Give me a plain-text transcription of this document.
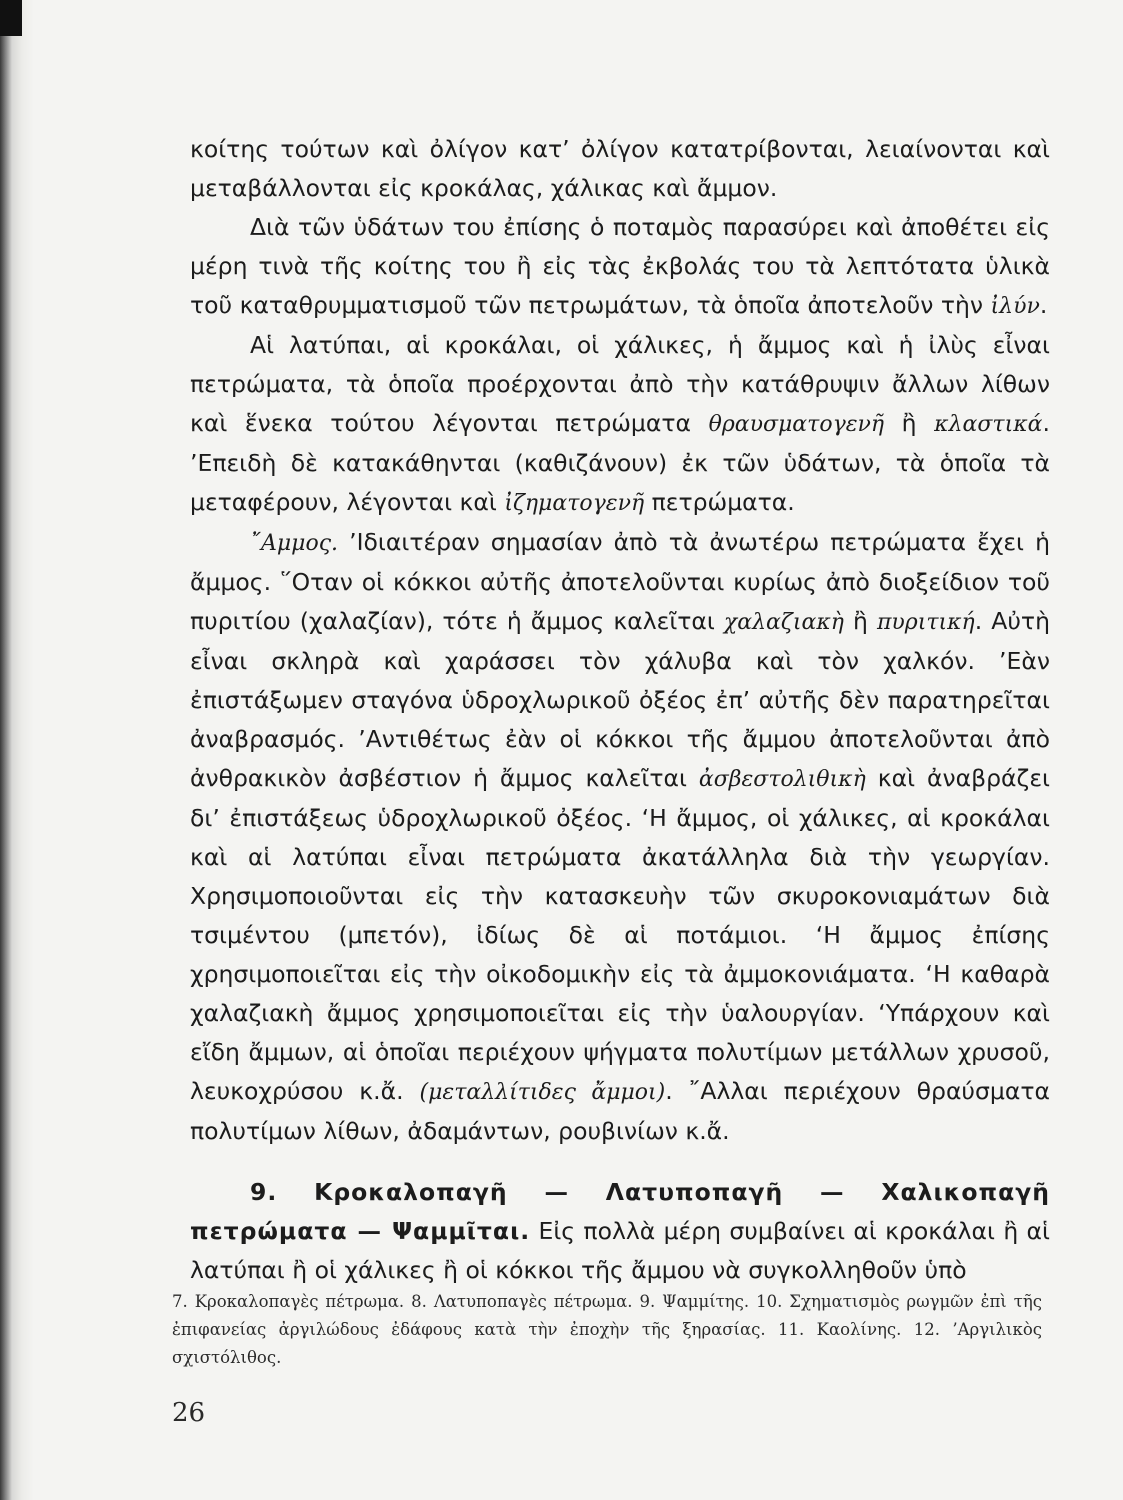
κοίτης τούτων καὶ ὀλίγον κατ’ ὀλίγον κατατρίβονται, λειαίνονται καὶ μεταβάλλονται εἰς κροκάλας, χάλικας καὶ ἄμμον.

Διὰ τῶν ὑδάτων του ἐπίσης ὁ ποταμὸς παρασύρει καὶ ἀποθέτει εἰς μέρη τινὰ τῆς κοίτης του ἢ εἰς τὰς ἐκβολάς του τὰ λεπτότατα ὑλικὰ τοῦ καταθρυμματισμοῦ τῶν πετρωμάτων, τὰ ὁποῖα ἀποτελοῦν τὴν ἰλύν.

Αἱ λατύπαι, αἱ κροκάλαι, οἱ χάλικες, ἡ ἄμμος καὶ ἡ ἰλὺς εἶναι πετρώματα, τὰ ὁποῖα προέρχονται ἀπὸ τὴν κατάθρυψιν ἄλλων λίθων καὶ ἕνεκα τούτου λέγονται πετρώματα θραυσματογενῆ ἢ κλαστικά. ’Επειδὴ δὲ κατακάθηνται (καθιζάνουν) ἐκ τῶν ὑδάτων, τὰ ὁποῖα τὰ μεταφέρουν, λέγονται καὶ ἰζηματογενῆ πετρώματα.

῎Αμμος. ’Ιδιαιτέραν σημασίαν ἀπὸ τὰ ἀνωτέρω πετρώματα ἔχει ἡ ἄμμος. ῞Οταν οἱ κόκκοι αὐτῆς ἀποτελοῦνται κυρίως ἀπὸ διοξείδιον τοῦ πυριτίου (χαλαζίαν), τότε ἡ ἄμμος καλεῖται χαλαζιακὴ ἢ πυριτική. Αὐτὴ εἶναι σκληρὰ καὶ χαράσσει τὸν χάλυβα καὶ τὸν χαλκόν. ’Εὰν ἐπιστάξωμεν σταγόνα ὑδροχλωρικοῦ ὀξέος ἐπ’ αὐτῆς δὲν παρατηρεῖται ἀναβρασμός. ’Αντιθέτως ἐὰν οἱ κόκκοι τῆς ἄμμου ἀποτελοῦνται ἀπὸ ἀνθρακικὸν ἀσβέστιον ἡ ἄμμος καλεῖται ἀσβεστολιθικὴ καὶ ἀναβράζει δι’ ἐπιστάξεως ὑδροχλωρικοῦ ὀξέος. ‘Η ἄμμος, οἱ χάλικες, αἱ κροκάλαι καὶ αἱ λατύπαι εἶναι πετρώματα ἀκατάλληλα διὰ τὴν γεωργίαν. Χρησιμοποιοῦνται εἰς τὴν κατασκευὴν τῶν σκυροκονιαμάτων διὰ τσιμέντου (μπετόν), ἰδίως δὲ αἱ ποτάμιοι. ‘Η ἄμμος ἐπίσης χρησιμοποιεῖται εἰς τὴν οἰκοδομικὴν εἰς τὰ ἀμμοκονιάματα. ‘Η καθαρὰ χαλαζιακὴ ἄμμος χρησιμοποιεῖται εἰς τὴν ὑαλουργίαν. ‘Υπάρχουν καὶ εἴδη ἄμμων, αἱ ὁποῖαι περιέχουν ψήγματα πολυτίμων μετάλλων χρυσοῦ, λευκοχρύσου κ.ἄ. (μεταλλίτιδες ἄμμοι). ῎Αλλαι περιέχουν θραύσματα πολυτίμων λίθων, ἀδαμάντων, ρουβινίων κ.ἄ.

9. Κροκαλοπαγῆ — Λατυποπαγῆ — Χαλικοπαγῆ πετρώματα — Ψαμμῖται. Εἰς πολλὰ μέρη συμβαίνει αἱ κροκάλαι ἢ αἱ λατύπαι ἢ οἱ χάλικες ἢ οἱ κόκκοι τῆς ἄμμου νὰ συγκολληθοῦν ὑπὸ

7. Κροκαλοπαγὲς πέτρωμα. 8. Λατυποπαγὲς πέτρωμα. 9. Ψαμμίτης. 10. Σχηματισμὸς ρωγμῶν ἐπὶ τῆς ἐπιφανείας ἀργιλώδους ἐδάφους κατὰ τὴν ἐποχὴν τῆς ξηρασίας. 11. Καολίνης. 12. ’Αργιλικὸς σχιστόλιθος.
26
